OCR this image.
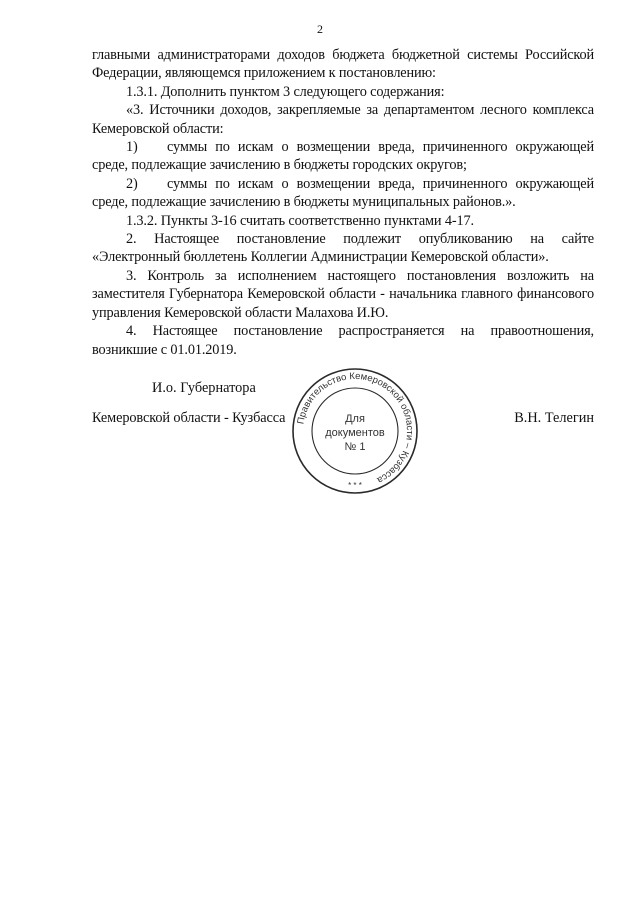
2

главными администраторами доходов бюджета бюджетной системы Российской Федерации, являющемся приложением к постановлению:

1.3.1. Дополнить пунктом 3 следующего содержания:

«3. Источники доходов, закрепляемые за департаментом лесного комплекса Кемеровской области:

1) суммы по искам о возмещении вреда, причиненного окружающей среде, подлежащие зачислению в бюджеты городских округов;

2) суммы по искам о возмещении вреда, причиненного окружающей среде, подлежащие зачислению в бюджеты муниципальных районов.».

1.3.2. Пункты 3-16 считать соответственно пунктами 4-17.

2. Настоящее постановление подлежит опубликованию на сайте «Электронный бюллетень Коллегии Администрации Кемеровской области».

3. Контроль за исполнением настоящего постановления возложить на заместителя Губернатора Кемеровской области - начальника главного финансового управления Кемеровской области Малахова И.Ю.

4. Настоящее постановление распространяется на правоотношения, возникшие с 01.01.2019.

И.о. Губернатора
Кемеровской области - Кузбасса	В.Н. Телегин
Правительство Кемеровской области – Кузбасса
Для
документов
№ 1
* * *
